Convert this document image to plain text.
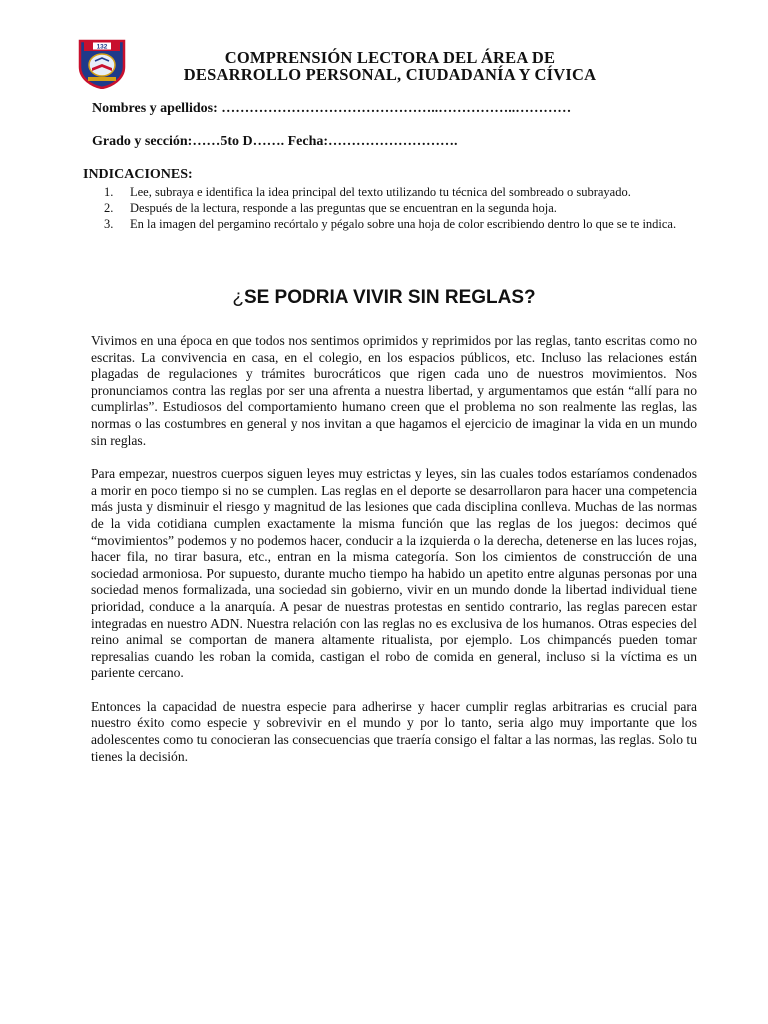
132
COMPRENSIÓN LECTORA DEL ÁREA DE
DESARROLLO PERSONAL, CIUDADANÍA Y CÍVICA
Nombres y apellidos: ………………………………………..……………..…………
Grado y sección:……5to D……. Fecha:……………………….
INDICACIONES:
1. Lee, subraya e identifica la idea principal del texto utilizando tu técnica del sombreado o subrayado.
2. Después de la lectura, responde a las preguntas que se encuentran en la segunda hoja.
3. En la imagen del pergamino recórtalo y pégalo sobre una hoja de color escribiendo dentro lo que se te indica.
¿SE PODRIA VIVIR SIN REGLAS?

Vivimos en una época en que todos nos sentimos oprimidos y reprimidos por las reglas, tanto escritas como no escritas. La convivencia en casa, en el colegio, en los espacios públicos, etc. Incluso las relaciones están plagadas de regulaciones y trámites burocráticos que rigen cada uno de nuestros movimientos. Nos pronunciamos contra las reglas por ser una afrenta a nuestra libertad, y argumentamos que están “allí para no cumplirlas”. Estudiosos del comportamiento humano creen que el problema no son realmente las reglas, las normas o las costumbres en general y nos invitan a que hagamos el ejercicio de imaginar la vida en un mundo sin reglas.

Para empezar, nuestros cuerpos siguen leyes muy estrictas y leyes, sin las cuales todos estaríamos condenados a morir en poco tiempo si no se cumplen. Las reglas en el deporte se desarrollaron para hacer una competencia más justa y disminuir el riesgo y magnitud de las lesiones que cada disciplina conlleva. Muchas de las normas de la vida cotidiana cumplen exactamente la misma función que las reglas de los juegos: decimos qué “movimientos” podemos y no podemos hacer, conducir a la izquierda o la derecha, detenerse en las luces rojas, hacer fila, no tirar basura, etc., entran en la misma categoría. Son los cimientos de construcción de una sociedad armoniosa. Por supuesto, durante mucho tiempo ha habido un apetito entre algunas personas por una sociedad menos formalizada, una sociedad sin gobierno, vivir en un mundo donde la libertad individual tiene prioridad, conduce a la anarquía. A pesar de nuestras protestas en sentido contrario, las reglas parecen estar integradas en nuestro ADN. Nuestra relación con las reglas no es exclusiva de los humanos. Otras especies del reino animal se comportan de manera altamente ritualista, por ejemplo. Los chimpancés pueden tomar represalias cuando les roban la comida, castigan el robo de comida en general, incluso si la víctima es un pariente cercano.

Entonces la capacidad de nuestra especie para adherirse y hacer cumplir reglas arbitrarias es crucial para nuestro éxito como especie y sobrevivir en el mundo y por lo tanto, seria algo muy importante que los adolescentes como tu conocieran las consecuencias que traería consigo el faltar a las normas, las reglas. Solo tu tienes la decisión.
